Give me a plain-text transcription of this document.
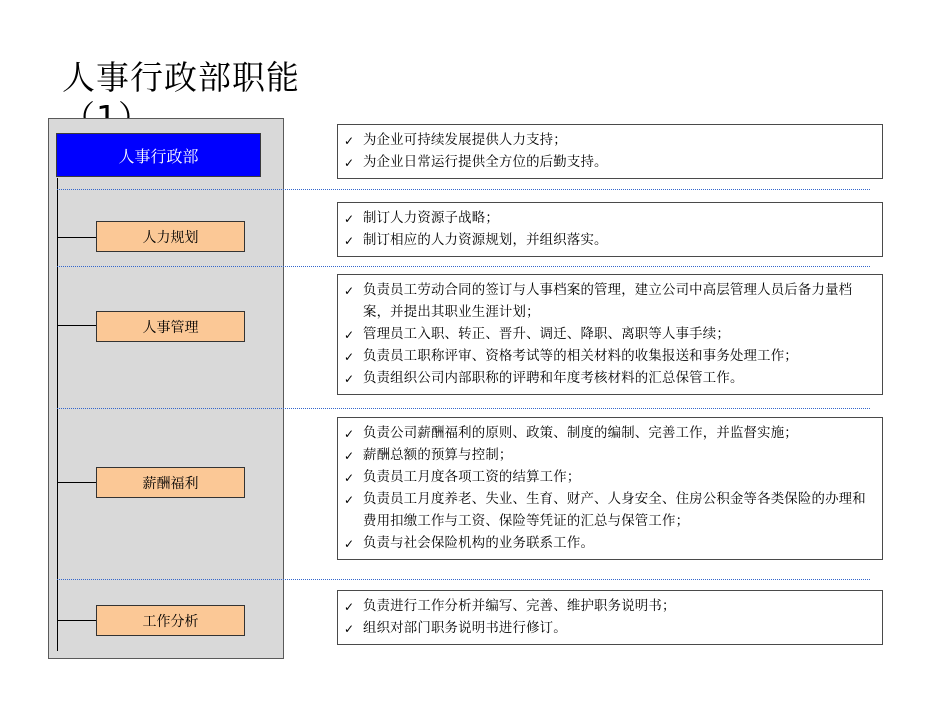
人事行政部职能
人事行政部
人力规划
人事管理
薪酬福利
工作分析
✓ 为企业可持续发展提供人力支持；
✓ 为企业日常运行提供全方位的后勤支持。
✓ 制订人力资源子战略；
✓ 制订相应的人力资源规划，并组织落实。
✓ 负责员工劳动合同的签订与人事档案的管理，建立公司中高层管理人员后备力量档案，并提出其职业生涯计划；
✓ 管理员工入职、转正、晋升、调迁、降职、离职等人事手续；
✓ 负责员工职称评审、资格考试等的相关材料的收集报送和事务处理工作；
✓ 负责组织公司内部职称的评聘和年度考核材料的汇总保管工作。
✓ 负责公司薪酬福利的原则、政策、制度的编制、完善工作，并监督实施；
✓ 薪酬总额的预算与控制；
✓ 负责员工月度各项工资的结算工作；
✓ 负责员工月度养老、失业、生育、财产、人身安全、住房公积金等各类保险的办理和费用扣缴工作与工资、保险等凭证的汇总与保管工作；
✓ 负责与社会保险机构的业务联系工作。
✓ 负责进行工作分析并编写、完善、维护职务说明书；
✓ 组织对部门职务说明书进行修订。
